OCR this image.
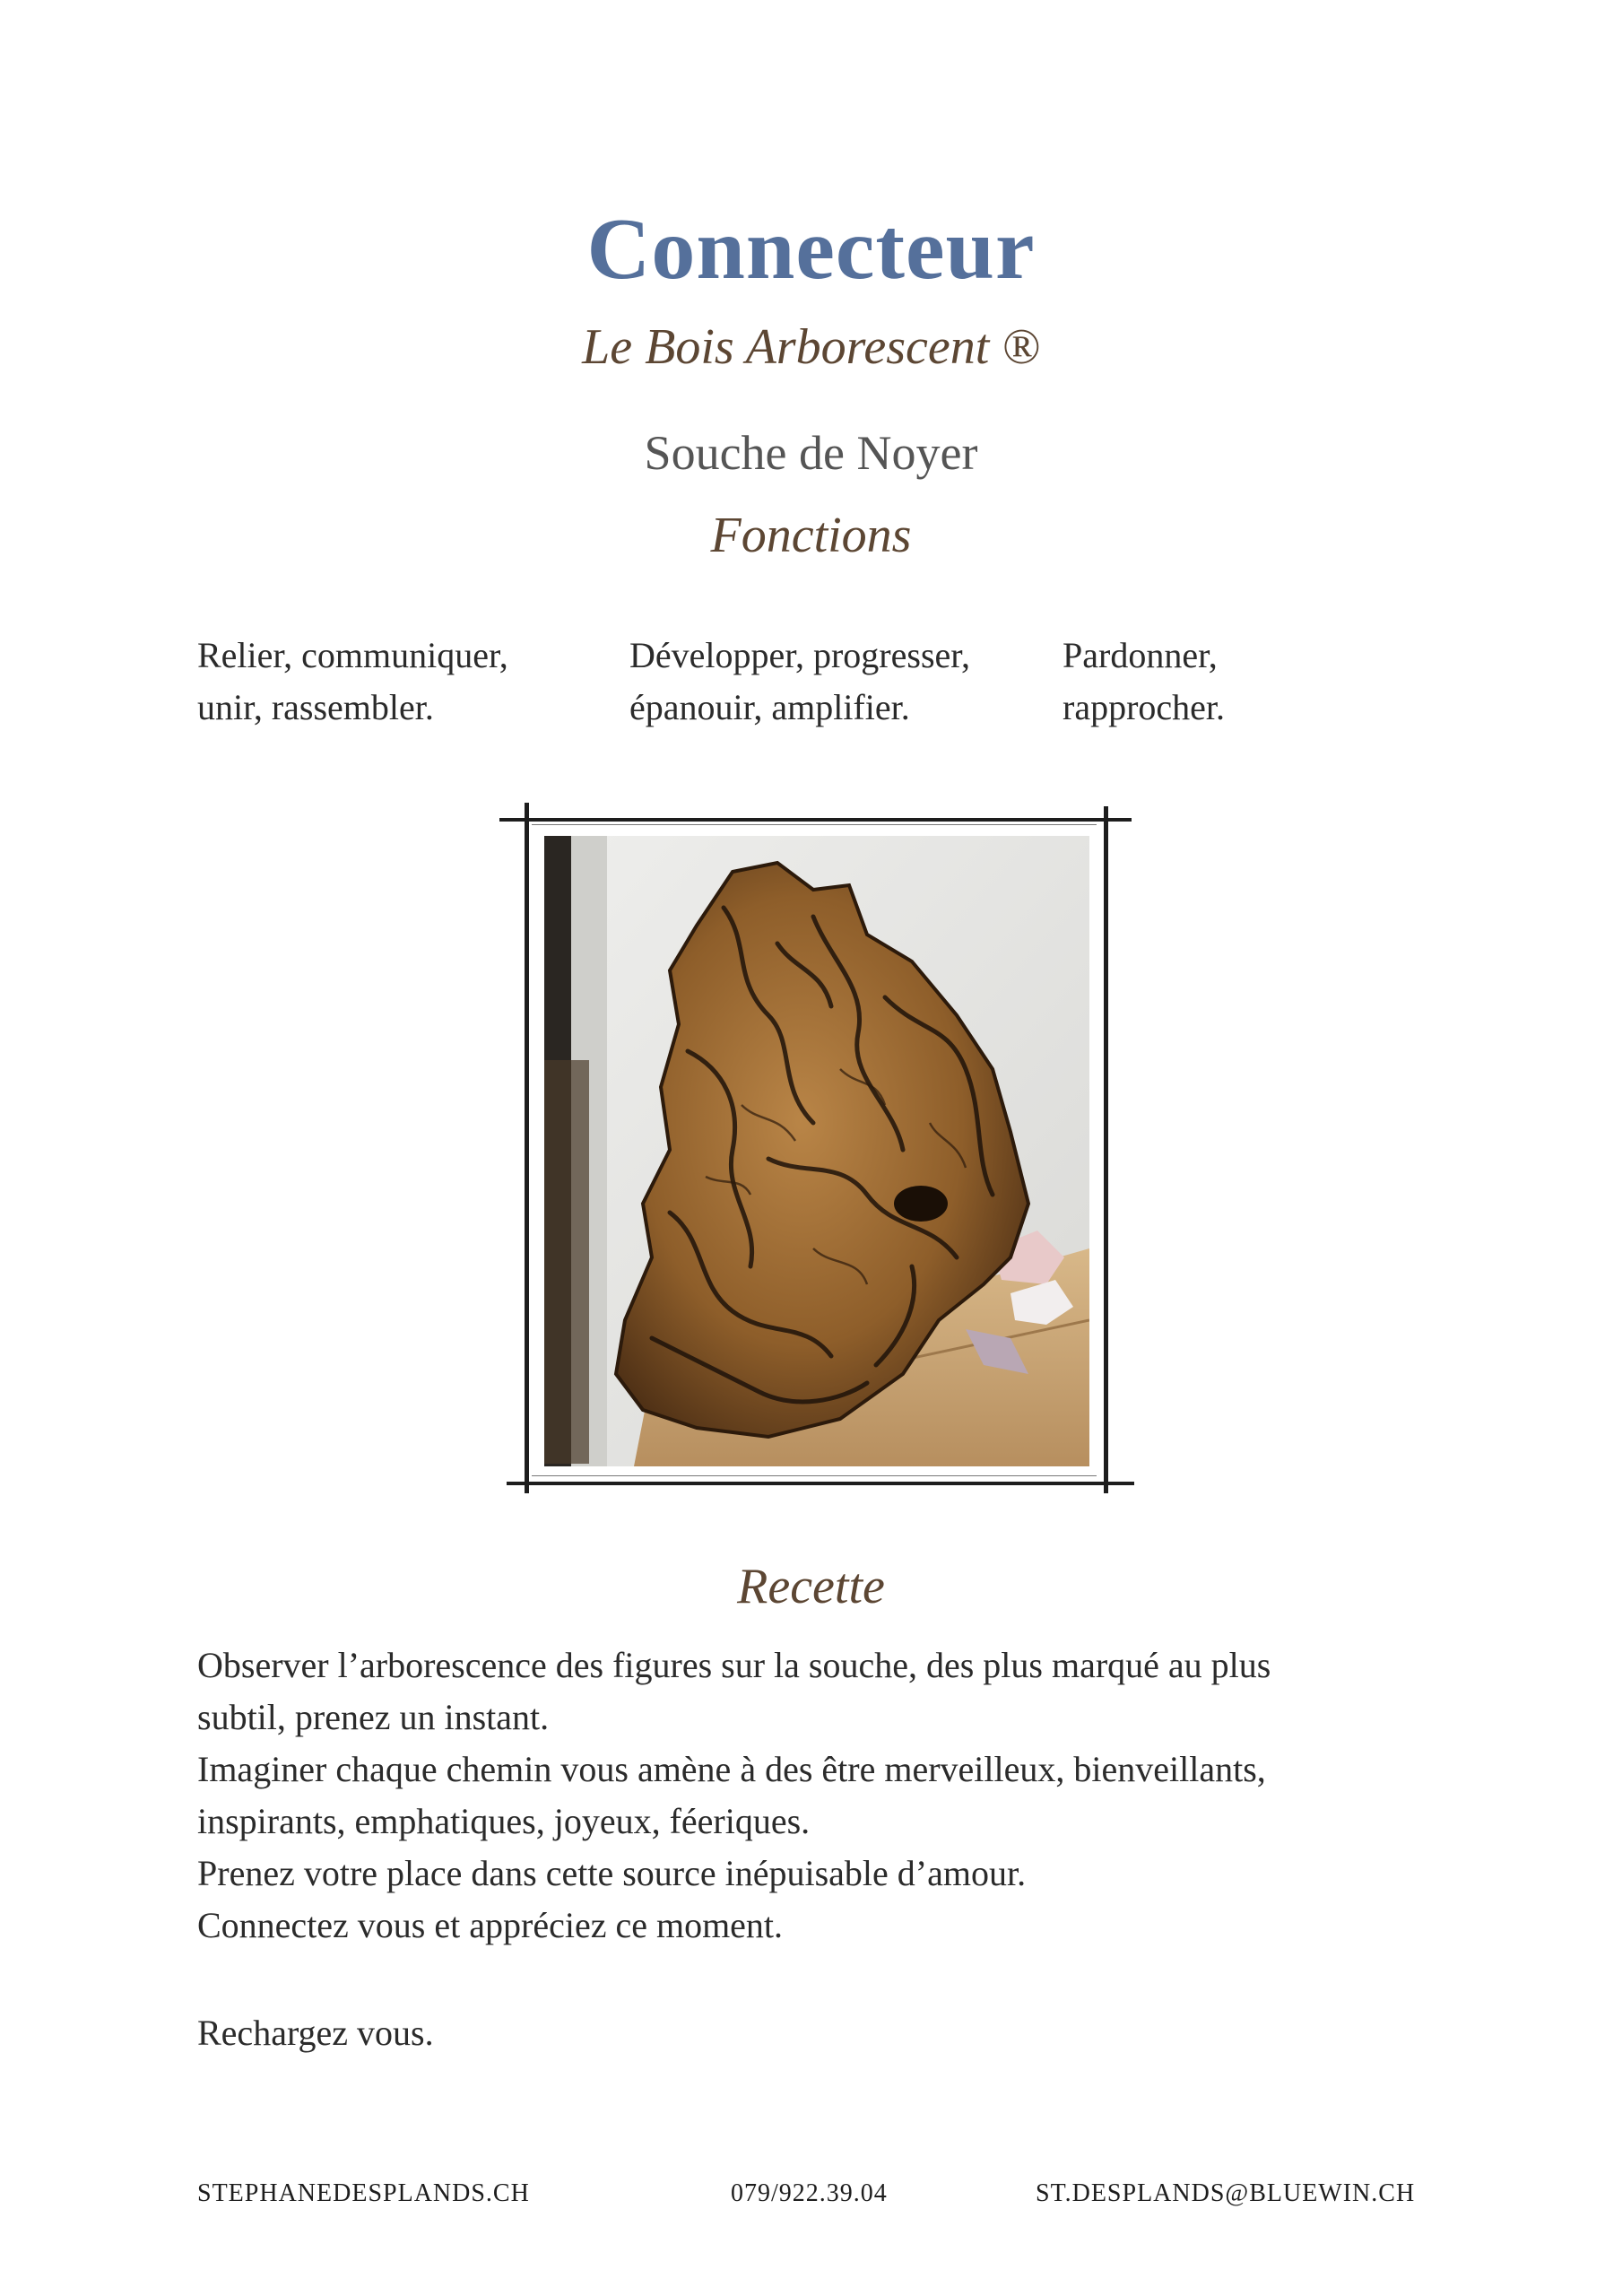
Connecteur
Le Bois Arborescent ®
Souche de Noyer
Fonctions
Relier, communiquer,
unir, rassembler.
Développer, progresser,
épanouir, amplifier.
Pardonner,
rapprocher.
Recette
Observer l’arborescence des figures sur la souche, des plus marqué au plus
subtil, prenez un instant.
Imaginer chaque chemin vous amène à des être merveilleux, bienveillants,
inspirants, emphatiques, joyeux, féeriques.
Prenez votre place dans cette source inépuisable d’amour.
Connectez vous et appréciez ce moment.
Rechargez vous.
STEPHANEDESPLANDS.CH	079/922.39.04	ST.DESPLANDS@BLUEWIN.CH
